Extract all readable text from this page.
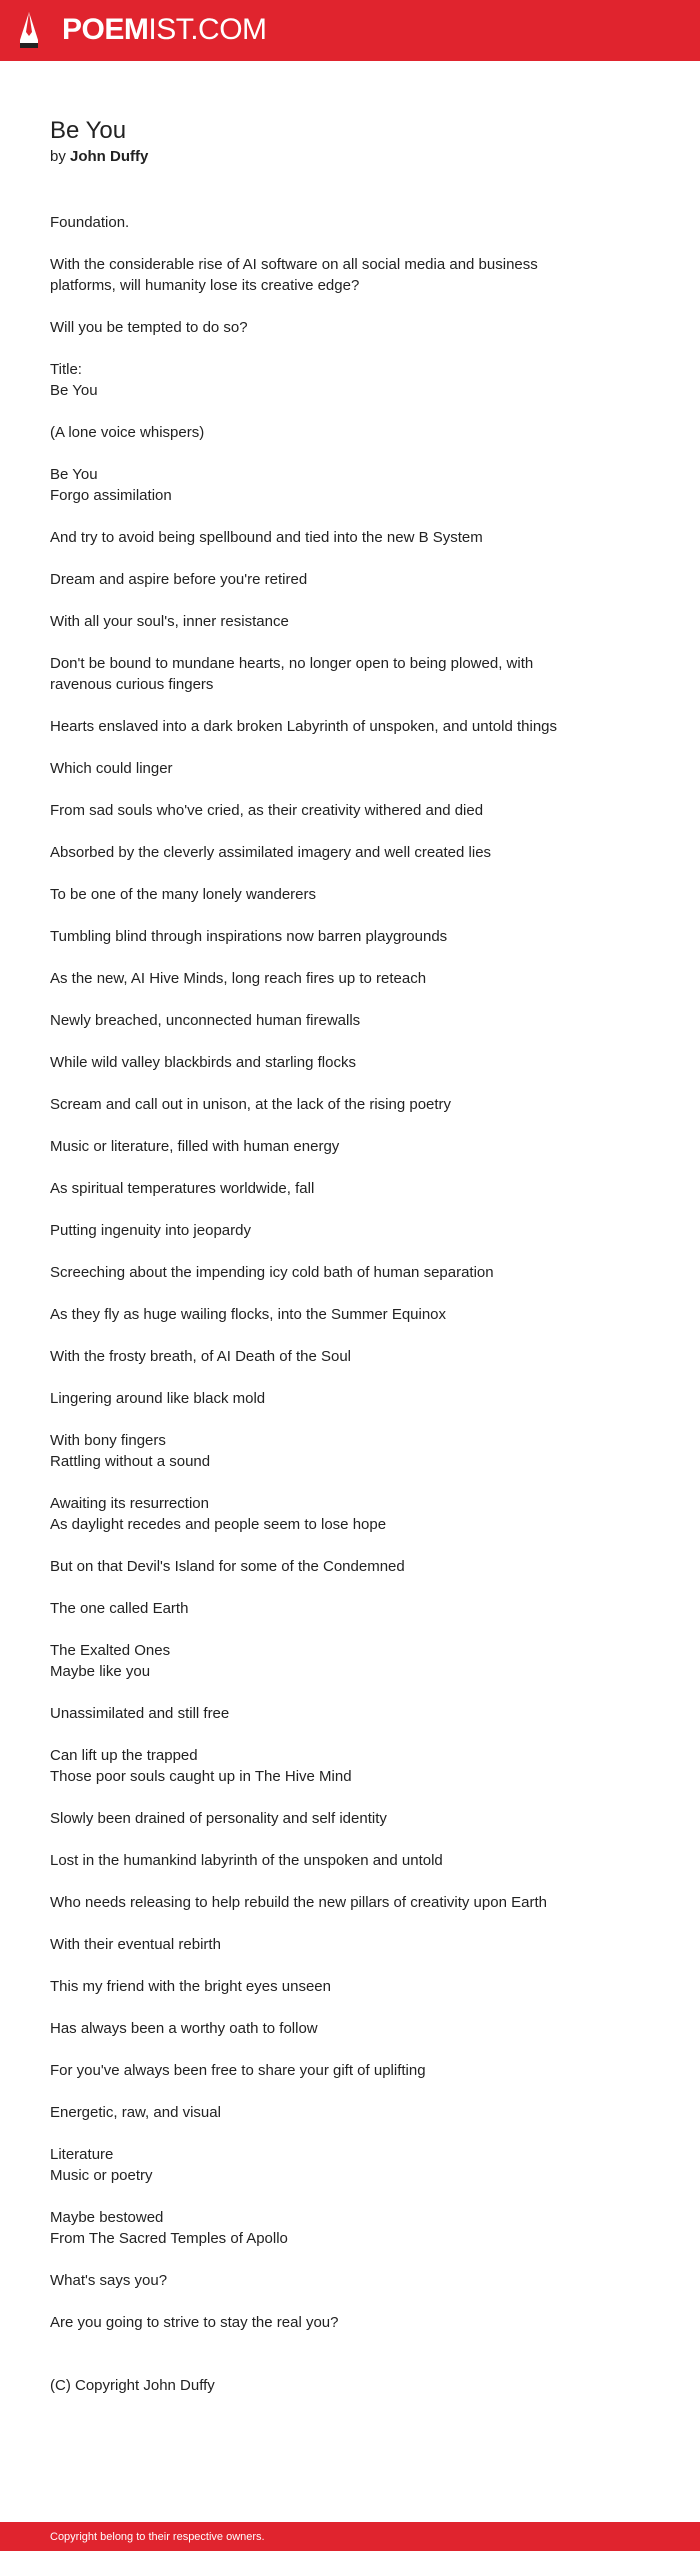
POEMIST.COM
Be You
by John Duffy
Foundation.
With the considerable rise of AI software on all social media and business platforms, will humanity lose its creative edge?
Will you be tempted to do so?
Title:
Be You
(A lone voice whispers)
Be You
Forgo assimilation
And try to avoid being spellbound and tied into the new B System
Dream and aspire before you're retired
With all your soul's, inner resistance
Don't be bound to mundane hearts, no longer open to being plowed, with ravenous curious fingers
Hearts enslaved into a dark broken Labyrinth of unspoken, and untold things
Which could linger
From sad souls who've cried, as their creativity withered and died
Absorbed by the cleverly assimilated imagery and well created lies
To be one of the many lonely wanderers
Tumbling blind through inspirations now barren playgrounds
As the new, AI Hive Minds, long reach fires up to reteach
Newly breached, unconnected human firewalls
While wild valley blackbirds and starling flocks
Scream and call out in unison, at the lack of the rising poetry
Music or literature, filled with human energy
As spiritual temperatures worldwide, fall
Putting ingenuity into jeopardy
Screeching about the impending icy cold bath of human separation
As they fly as huge wailing flocks, into the Summer Equinox
With the frosty breath, of AI Death of the Soul
Lingering around like black mold
With bony fingers
Rattling without a sound
Awaiting its resurrection
As daylight recedes and people seem to lose hope
But on that Devil's Island for some of the Condemned
The one called Earth
The Exalted Ones
Maybe like you
Unassimilated and still free
Can lift up the trapped
Those poor souls caught up in The Hive Mind
Slowly been drained of personality and self identity
Lost in the humankind labyrinth of the unspoken and untold
Who needs releasing to help rebuild the new pillars of creativity upon Earth
With their eventual rebirth
This my friend with the bright eyes unseen
Has always been a worthy oath to follow
For you've always been free to share your gift of uplifting
Energetic, raw, and visual
Literature
Music or poetry
Maybe bestowed
From The Sacred Temples of Apollo
What's says you?
Are you going to strive to stay the real you?
(C) Copyright John Duffy
Copyright belong to their respective owners.
